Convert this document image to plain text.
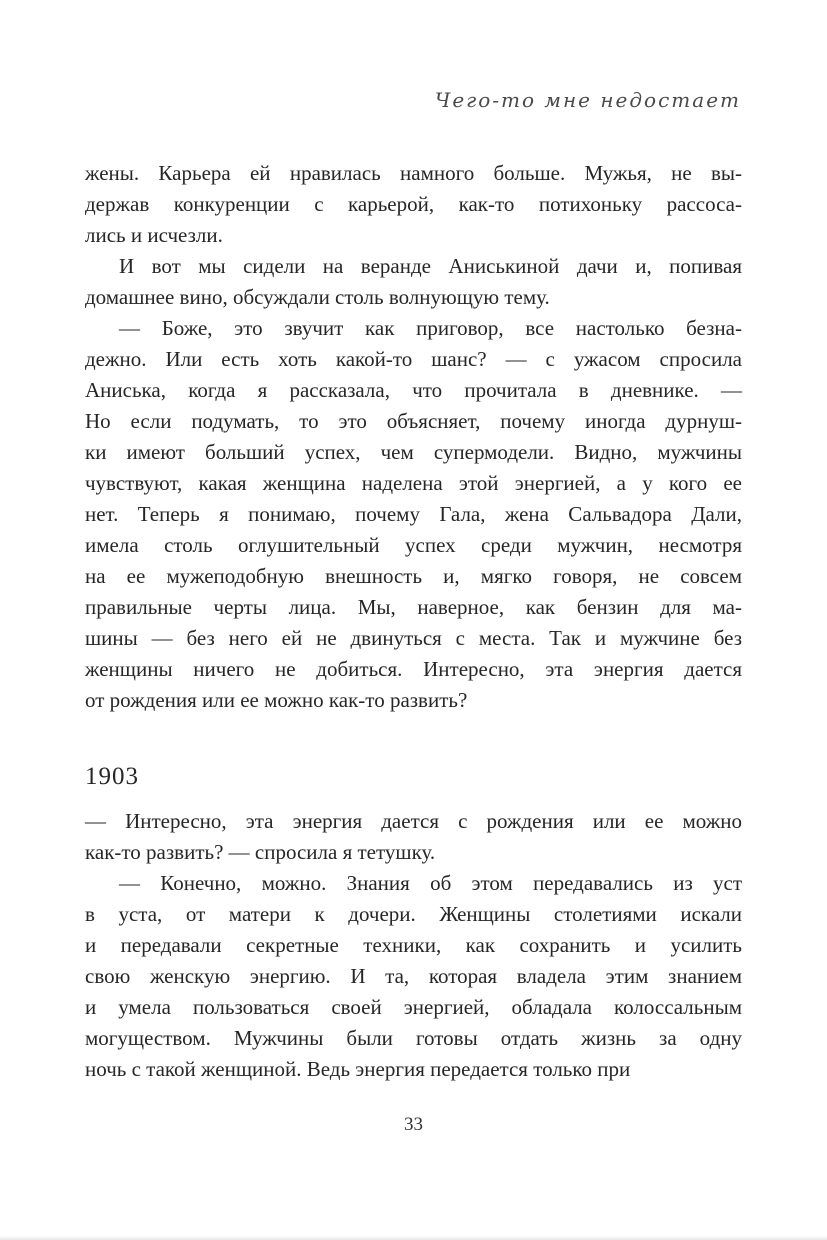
Чего-то мне недостает
жены. Карьера ей нравилась намного больше. Мужья, не вы-
держав конкуренции с карьерой, как-то потихоньку рассоса-
лись и исчезли.
И вот мы сидели на веранде Аниськиной дачи и, попивая
домашнее вино, обсуждали столь волнующую тему.
— Боже, это звучит как приговор, все настолько безна-
дежно. Или есть хоть какой-то шанс? — с ужасом спросила
Аниська, когда я рассказала, что прочитала в дневнике. —
Но если подумать, то это объясняет, почему иногда дурнуш-
ки имеют больший успех, чем супермодели. Видно, мужчины
чувствуют, какая женщина наделена этой энергией, а у кого ее
нет. Теперь я понимаю, почему Гала, жена Сальвадора Дали,
имела столь оглушительный успех среди мужчин, несмотря
на ее мужеподобную внешность и, мягко говоря, не совсем
правильные черты лица. Мы, наверное, как бензин для ма-
шины — без него ей не двинуться с места. Так и мужчине без
женщины ничего не добиться. Интересно, эта энергия дается
от рождения или ее можно как-то развить?
1903
— Интересно, эта энергия дается с рождения или ее можно
как-то развить? — спросила я тетушку.
— Конечно, можно. Знания об этом передавались из уст
в уста, от матери к дочери. Женщины столетиями искали
и передавали секретные техники, как сохранить и усилить
свою женскую энергию. И та, которая владела этим знанием
и умела пользоваться своей энергией, обладала колоссальным
могуществом. Мужчины были готовы отдать жизнь за одну
ночь с такой женщиной. Ведь энергия передается только при
33
